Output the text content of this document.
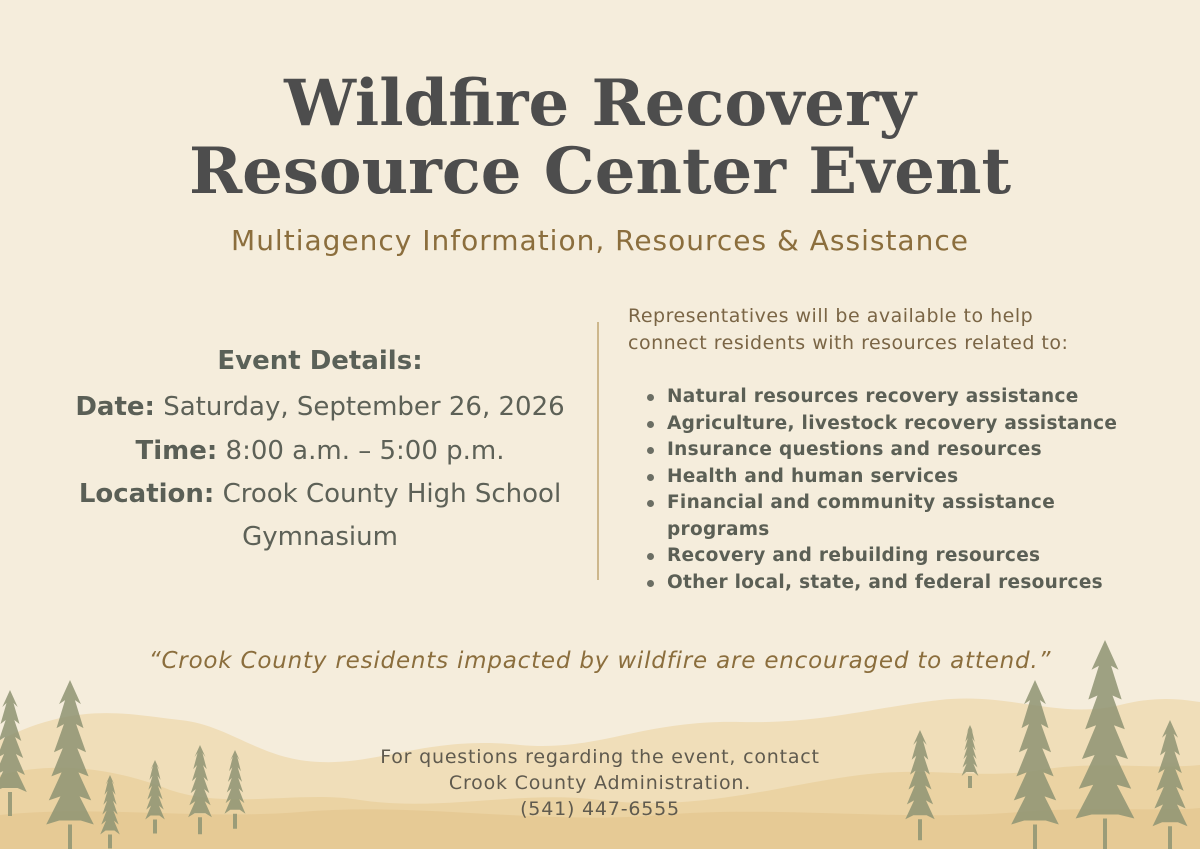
Wildfire Recovery
Resource Center Event
Multiagency Information, Resources & Assistance
Event Details:
Date: Saturday, September 26, 2026
Time: 8:00 a.m. – 5:00 p.m.
Location: Crook County High School
Gymnasium
Representatives will be available to help
connect residents with resources related to:
Natural resources recovery assistance
Agriculture, livestock recovery assistance
Insurance questions and resources
Health and human services
Financial and community assistance programs
Recovery and rebuilding resources
Other local, state, and federal resources
“Crook County residents impacted by wildfire are encouraged to attend.”
For questions regarding the event, contact
Crook County Administration.
(541) 447-6555
